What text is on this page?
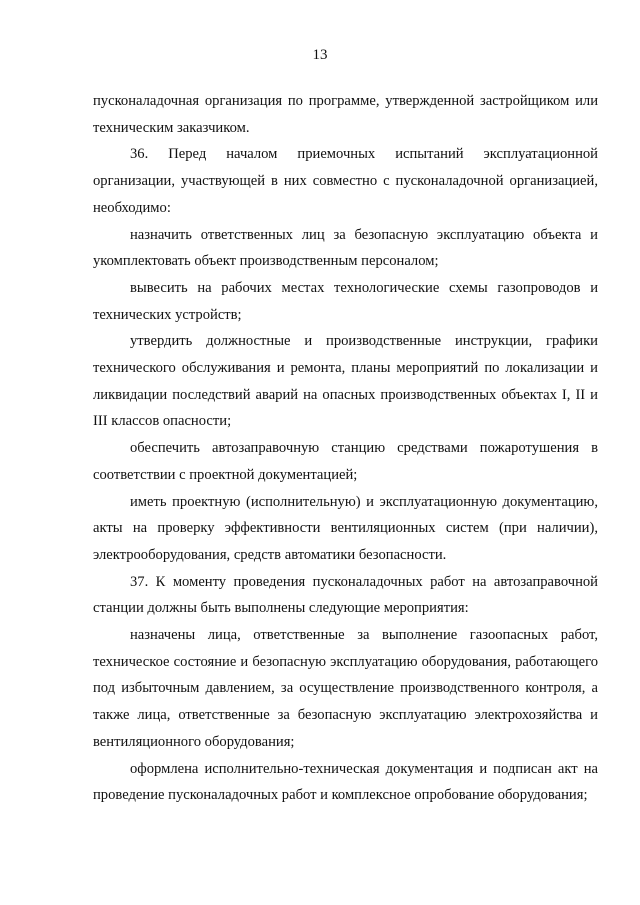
13

пусконаладочная организация по программе, утвержденной застройщиком или техническим заказчиком.

36. Перед началом приемочных испытаний эксплуатационной организации, участвующей в них совместно с пусконаладочной организацией, необходимо:

назначить ответственных лиц за безопасную эксплуатацию объекта и укомплектовать объект производственным персоналом;

вывесить на рабочих местах технологические схемы газопроводов и технических устройств;

утвердить должностные и производственные инструкции, графики технического обслуживания и ремонта, планы мероприятий по локализации и ликвидации последствий аварий на опасных производственных объектах I, II и III классов опасности;

обеспечить автозаправочную станцию средствами пожаротушения в соответствии с проектной документацией;

иметь проектную (исполнительную) и эксплуатационную документацию, акты на проверку эффективности вентиляционных систем (при наличии), электрооборудования, средств автоматики безопасности.

37. К моменту проведения пусконаладочных работ на автозаправочной станции должны быть выполнены следующие мероприятия:

назначены лица, ответственные за выполнение газоопасных работ, техническое состояние и безопасную эксплуатацию оборудования, работающего под избыточным давлением, за осуществление производственного контроля, а также лица, ответственные за безопасную эксплуатацию электрохозяйства и вентиляционного оборудования;

оформлена исполнительно-техническая документация и подписан акт на проведение пусконаладочных работ и комплексное опробование оборудования;
